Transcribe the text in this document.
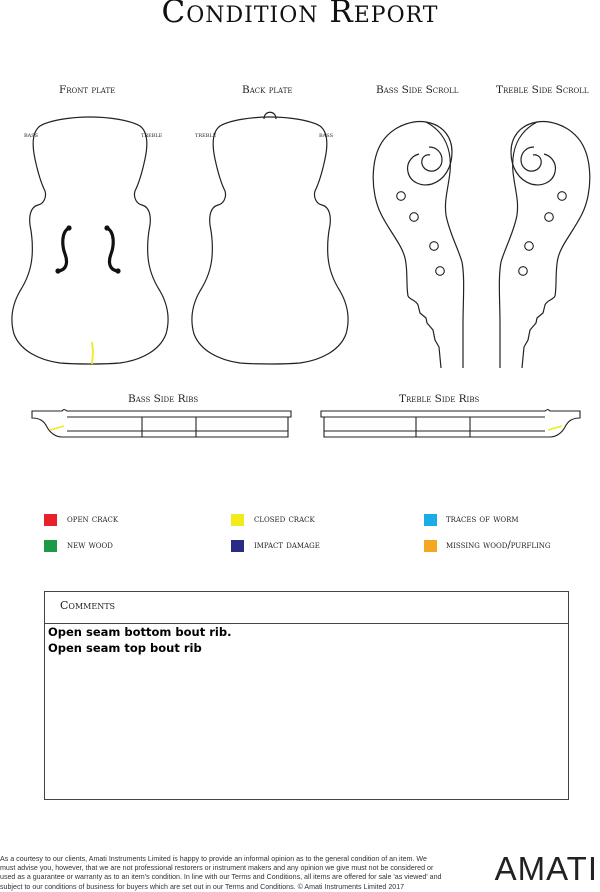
Condition Report
Front plate	Back plate	Bass Side Scroll	Treble Side Scroll
Bass Side Ribs	Treble Side Ribs
bass	treble	treble	bass
open crack	closed crack	traces of worm
new wood	impact damage	missing wood/purfling
Comments
Open seam bottom bout rib.
Open seam top bout rib
As a courtesy to our clients, Amati Instruments Limited is happy to provide an informal opinion as to the general condition of an item. We must advise you, however, that we are not professional restorers or instrument makers and any opinion we give must not be considered or used as a guarantee or warranty as to an item's condition. In line with our Terms and Conditions, all items are offered for sale 'as viewed' and subject to our conditions of business for buyers which are set out in our Terms and Conditions. © Amati Instruments Limited 2017	AMATI
